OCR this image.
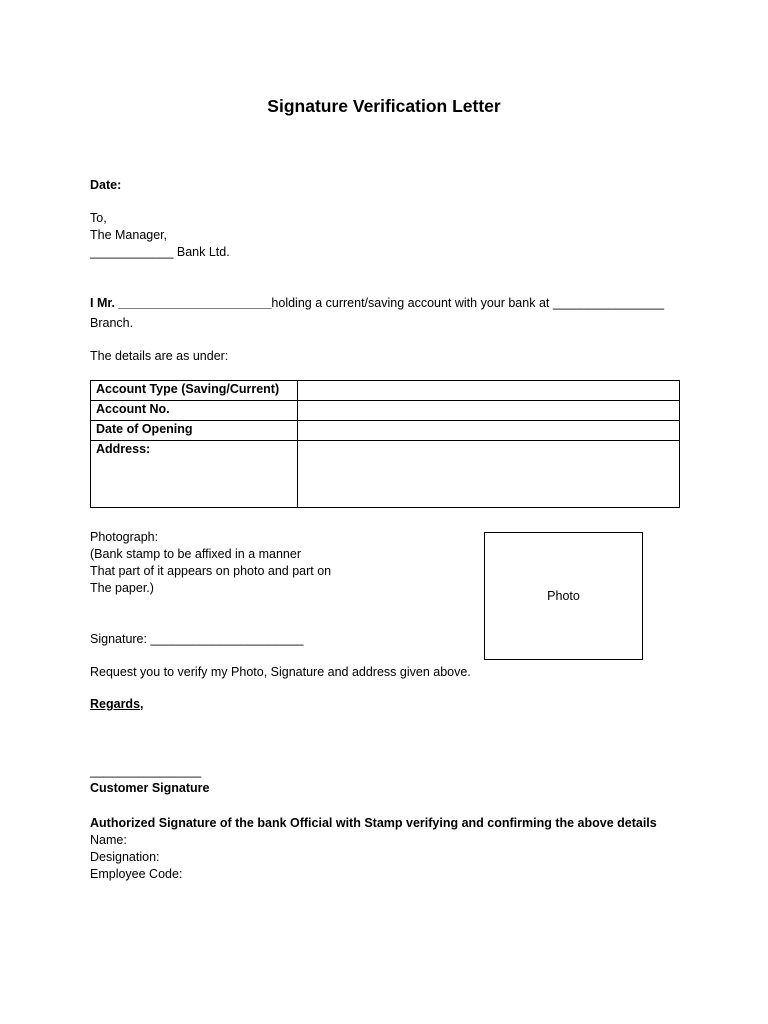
Signature Verification Letter
Date:
To,
The Manager,
____________ Bank Ltd.
I Mr. ______________________holding a current/saving account with your bank at ________________
Branch.
The details are as under:
Account Type (Saving/Current)	
Account No.	
Date of Opening	
Address:	
Photograph:
(Bank stamp to be affixed in a manner
That part of it appears on photo and part on
The paper.)
Photo
Signature: ______________________
Request you to verify my Photo, Signature and address given above.
Regards,
________________
Customer Signature
Authorized Signature of the bank Official with Stamp verifying and confirming the above details
Name:
Designation:
Employee Code:
